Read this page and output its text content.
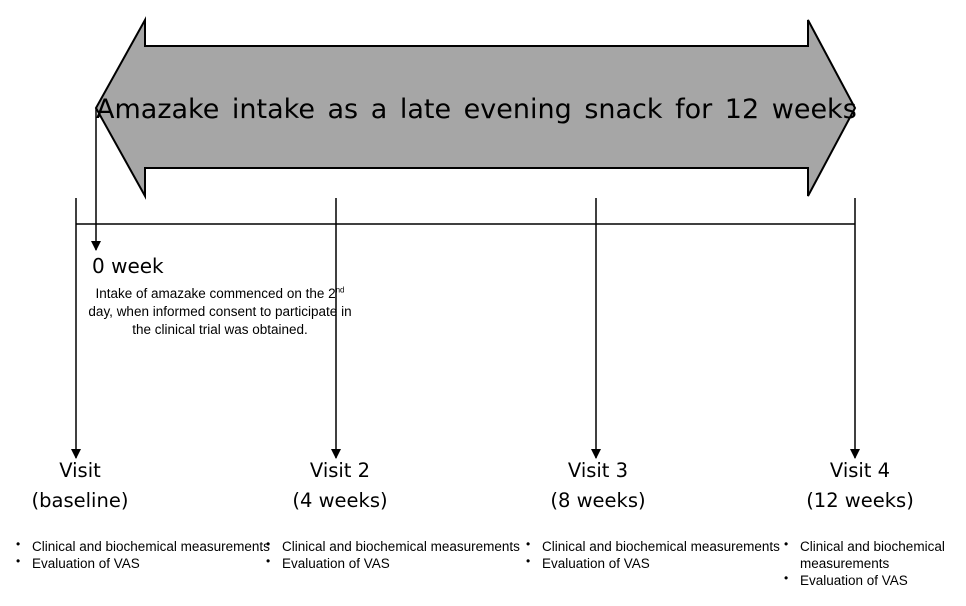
Amazake intake as a late evening snack for 12 weeks
0 week
Intake of amazake commenced on the 2nd day, when informed consent to participate in the clinical trial was obtained.
Visit
(baseline)
Visit 2
(4 weeks)
Visit 3
(8 weeks)
Visit 4
(12 weeks)
• Clinical and biochemical measurements
• Evaluation of VAS
• Clinical and biochemical measurements
• Evaluation of VAS
• Clinical and biochemical measurements
• Evaluation of VAS
• Clinical and biochemical measurements
• Evaluation of VAS
